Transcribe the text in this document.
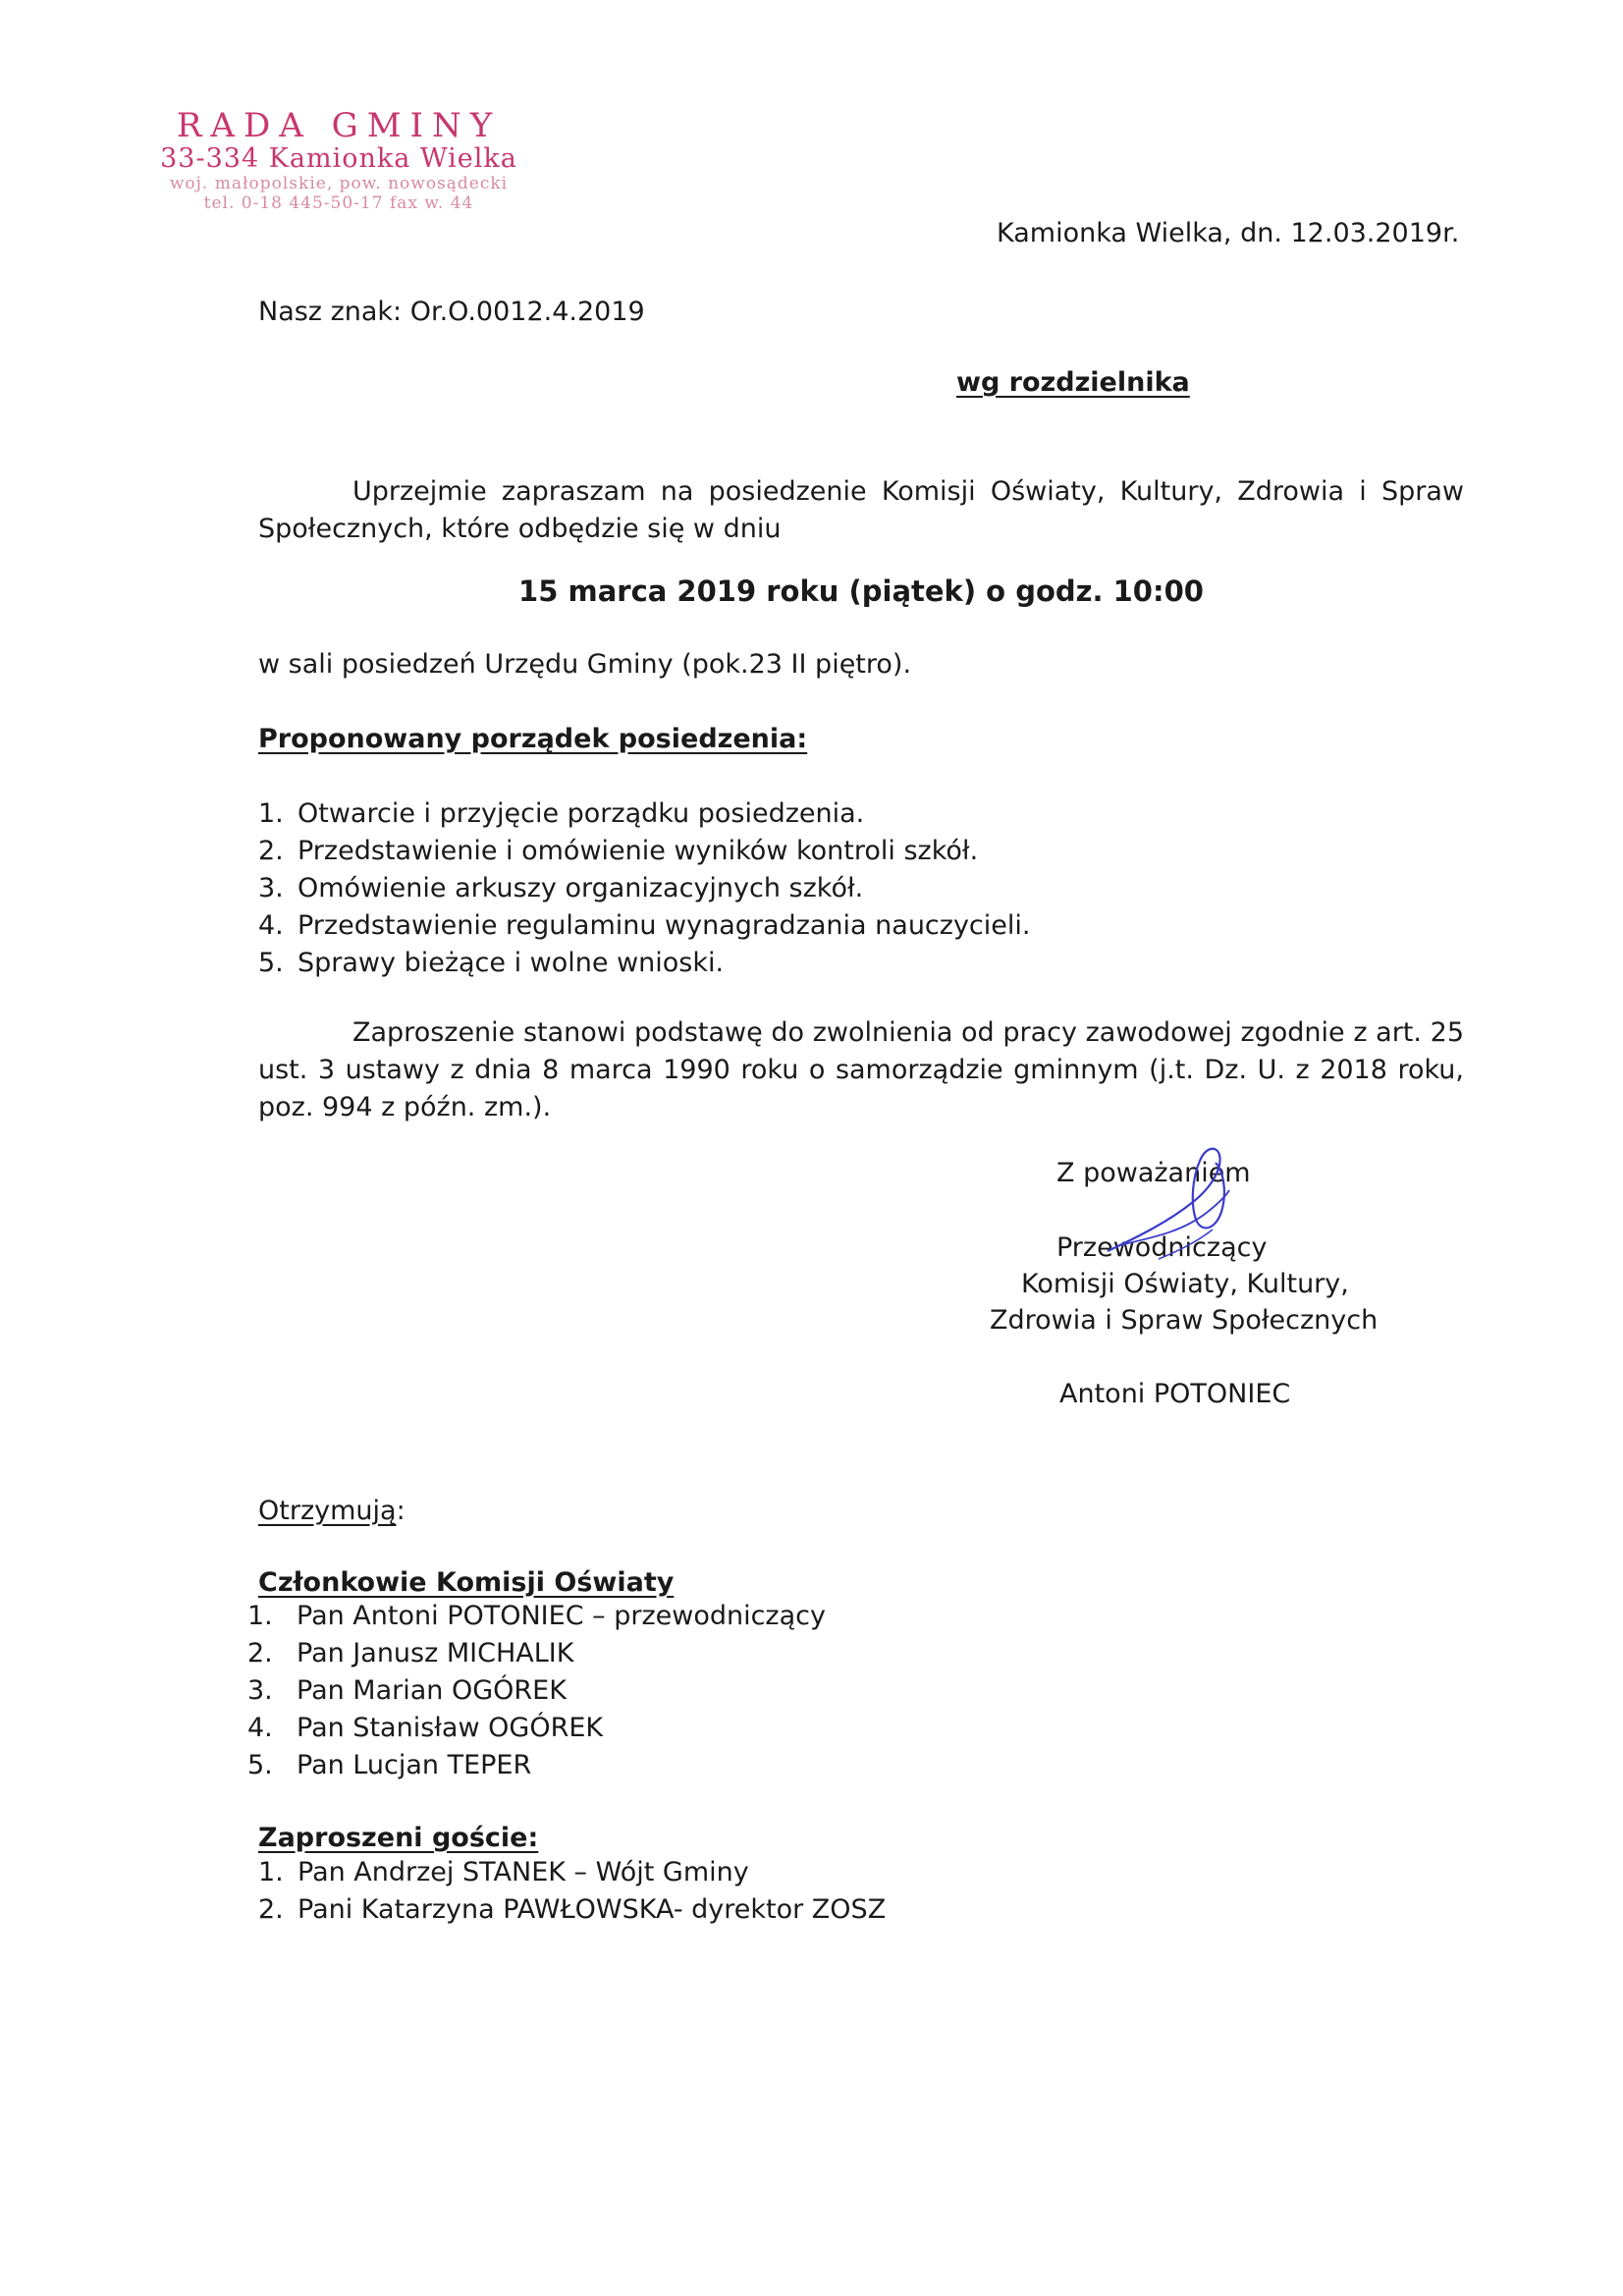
RADA GMINY
33-334 Kamionka Wielka
woj. małopolskie, pow. nowosądecki
tel. 0-18 445-50-17 fax w. 44
Kamionka Wielka, dn. 12.03.2019r.
Nasz znak: Or.O.0012.4.2019
wg rozdzielnika
Uprzejmie zapraszam na posiedzenie Komisji Oświaty, Kultury, Zdrowia i Spraw Społecznych, które odbędzie się w dniu
15 marca 2019 roku (piątek) o godz. 10:00
w sali posiedzeń Urzędu Gminy (pok.23 II piętro).
Proponowany porządek posiedzenia:
1. Otwarcie i przyjęcie porządku posiedzenia.
2. Przedstawienie i omówienie wyników kontroli szkół.
3. Omówienie arkuszy organizacyjnych szkół.
4. Przedstawienie regulaminu wynagradzania nauczycieli.
5. Sprawy bieżące i wolne wnioski.
Zaproszenie stanowi podstawę do zwolnienia od pracy zawodowej zgodnie z art. 25 ust. 3 ustawy z dnia 8 marca 1990 roku o samorządzie gminnym (j.t. Dz. U. z 2018 roku, poz. 994 z późn. zm.).
Z poważaniem
Przewodniczący
Komisji Oświaty, Kultury,
Zdrowia i Spraw Społecznych
Antoni POTONIEC
Otrzymują:
Członkowie Komisji Oświaty
1. Pan Antoni POTONIEC – przewodniczący
2. Pan Janusz MICHALIK
3. Pan Marian OGÓREK
4. Pan Stanisław OGÓREK
5. Pan Lucjan TEPER
Zaproszeni goście:
1. Pan Andrzej STANEK – Wójt Gminy
2. Pani Katarzyna PAWŁOWSKA- dyrektor ZOSZ
